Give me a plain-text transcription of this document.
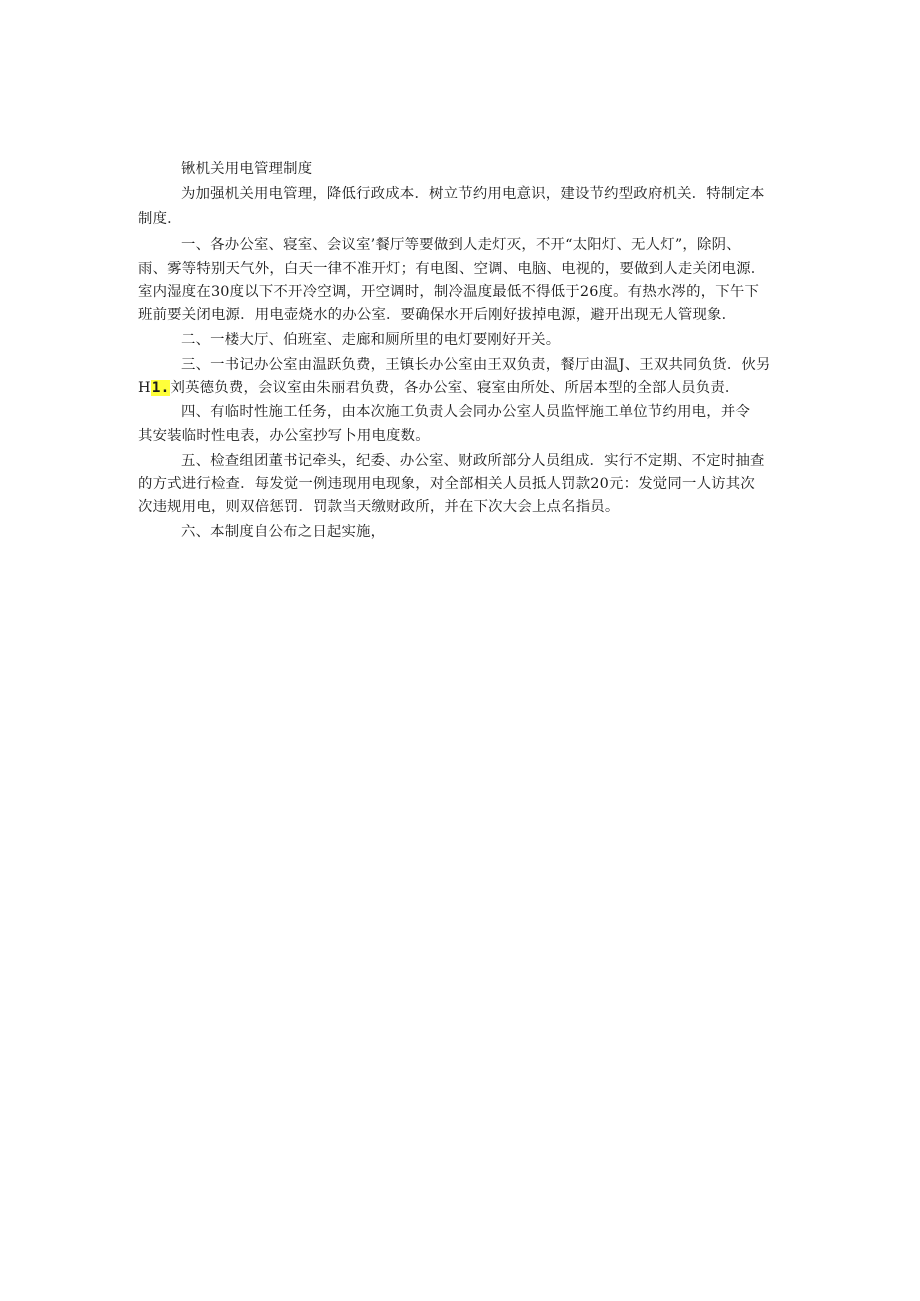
锹机关用电管理制度
为加强机关用电管理，降低行政成本．树立节约用电意识，建设节约型政府机关．特制定本
制度．
一、各办公室、寝室、会议室’餐厅等要做到人走灯灭，不开“太阳灯、无人灯”，除阴、
雨、雾等特别天气外，白天一律不准开灯；有电图、空调、电脑、电视的，要做到人走关闭电源．
室内湿度在30度以下不开冷空调，开空调时，制冷温度最低不得低于26度。有热水涔的，下午下
班前要关闭电源．用电壶烧水的办公室．要确保水开后刚好拔掉电源，避开出现无人管现象．
二、一楼大厅、伯班室、走廊和厕所里的电灯要刚好开关。
三、一书记办公室由温跃负费，王镇长办公室由王双负责，餐厅由温J、王双共同负货．伙另
H1.刘英德负费，会议室由朱丽君负费，各办公室、寝室由所处、所居本型的全部人员负责．
四、有临时性施工任务，由本次施工负责人会同办公室人员监怦施工单位节约用电，并令
其安装临时性电表，办公室抄写卜用电度数。
五、检查组团董书记牵头，纪委、办公室、财政所部分人员组成．实行不定期、不定时抽查
的方式进行检查．每发觉一例违现用电现象，对全部相关人员抵人罚款20元：发觉同一人访其次
次违规用电，则双倍惩罚．罚款当天缴财政所，并在下次大会上点名指员。
六、本制度自公布之日起实施，
